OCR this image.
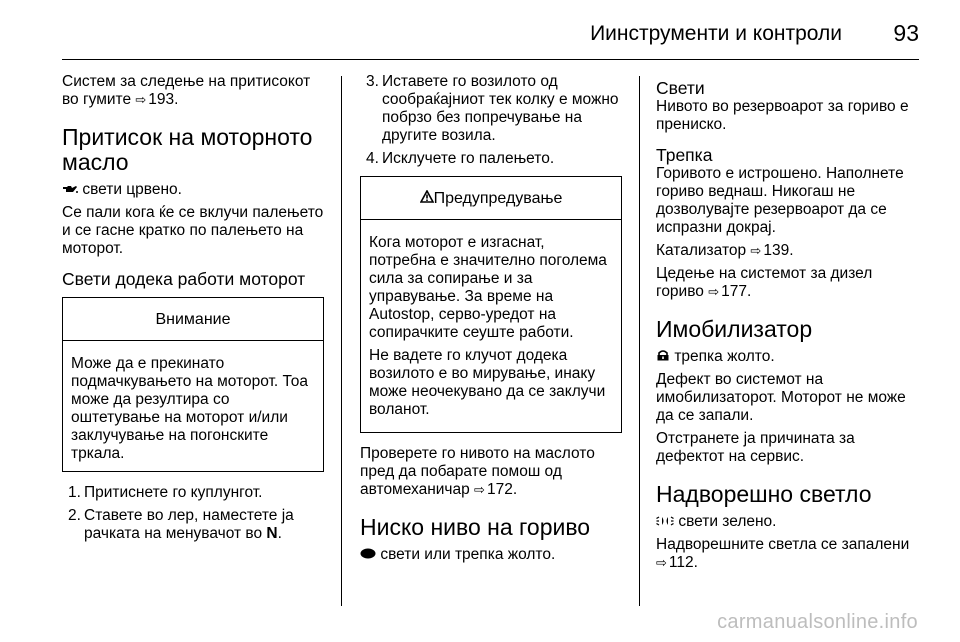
Иинструменти и контроли 93

Систем за следење на притисокот во гумите ⇨ 193.

Притисок на моторното масло

свети црвено.

Се пали кога ќе се вклучи палењето и се гасне кратко по палењето на моторот.

Свети додека работи моторот
Внимание
Може да е прекинато подмачкувањето на моторот. Тоа може да резултира со оштетување на моторот и/или заклучување на погонските тркала.
1. Притиснете го куплунгот.
2. Ставете во лер, наместете ја рачката на менувачот во N.
3. Иставете го возилото од сообраќајниот тек колку е можно побрзо без попречување на другите возила.
4. Исклучете го палењето.
Предупредување

Кога моторот е изгаснат, потребна е значително поголема сила за сопирање и за управување. За време на Autostop, серво-уредот на сопирачките сеуште работи.

Не вадете го клучот додека возилото е во мирување, инаку може неочекувано да се заклучи воланот.

Проверете го нивото на маслото пред да побарате помош од автомеханичар ⇨ 172.

Ниско ниво на гориво

свети или трепка жолто.

Свети

Нивото во резервоарот за гориво е прениско.

Трепка

Горивото е истрошено. Наполнете гориво веднаш. Никогаш не дозволувајте резервоарот да се испразни докрај.

Катализатор ⇨ 139.

Цедење на системот за дизел гориво ⇨ 177.

Имобилизатор

трепка жолто.

Дефект во системот на имобилизаторот. Моторот не може да се запали.

Отстранете ја причината за дефектот на сервис.

Надворешно светло

свети зелено.

Надворешните светла се запалени
⇨ 112.

carmanualsonline.info
